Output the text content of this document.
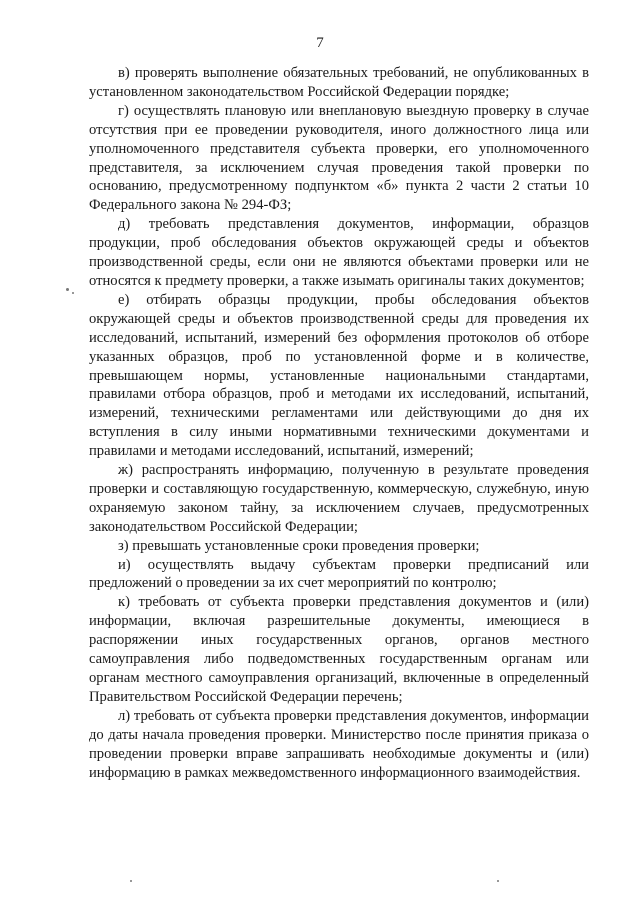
7

в) проверять выполнение обязательных требований, не опубликованных в установленном законодательством Российской Федерации порядке;

г) осуществлять плановую или внеплановую выездную проверку в случае отсутствия при ее проведении руководителя, иного должностного лица или уполномоченного представителя субъекта проверки, его уполномоченного представителя, за исключением случая проведения такой проверки по основанию, предусмотренному подпунктом «б» пункта 2 части 2 статьи 10 Федерального закона № 294-ФЗ;

д) требовать представления документов, информации, образцов продукции, проб обследования объектов окружающей среды и объектов производственной среды, если они не являются объектами проверки или не относятся к предмету проверки, а также изымать оригиналы таких документов;

е) отбирать образцы продукции, пробы обследования объектов окружающей среды и объектов производственной среды для проведения их исследований, испытаний, измерений без оформления протоколов об отборе указанных образцов, проб по установленной форме и в количестве, превышающем нормы, установленные национальными стандартами, правилами отбора образцов, проб и методами их исследований, испытаний, измерений, техническими регламентами или действующими до дня их вступления в силу иными нормативными техническими документами и правилами и методами исследований, испытаний, измерений;

ж) распространять информацию, полученную в результате проведения проверки и составляющую государственную, коммерческую, служебную, иную охраняемую законом тайну, за исключением случаев, предусмотренных законодательством Российской Федерации;

з) превышать установленные сроки проведения проверки;

и) осуществлять выдачу субъектам проверки предписаний или предложений о проведении за их счет мероприятий по контролю;

к) требовать от субъекта проверки представления документов и (или) информации, включая разрешительные документы, имеющиеся в распоряжении иных государственных органов, органов местного самоуправления либо подведомственных государственным органам или органам местного самоуправления организаций, включенные в определенный Правительством Российской Федерации перечень;

л) требовать от субъекта проверки представления документов, информации до даты начала проведения проверки. Министерство после принятия приказа о проведении проверки вправе запрашивать необходимые документы и (или) информацию в рамках межведомственного информационного взаимодействия.
